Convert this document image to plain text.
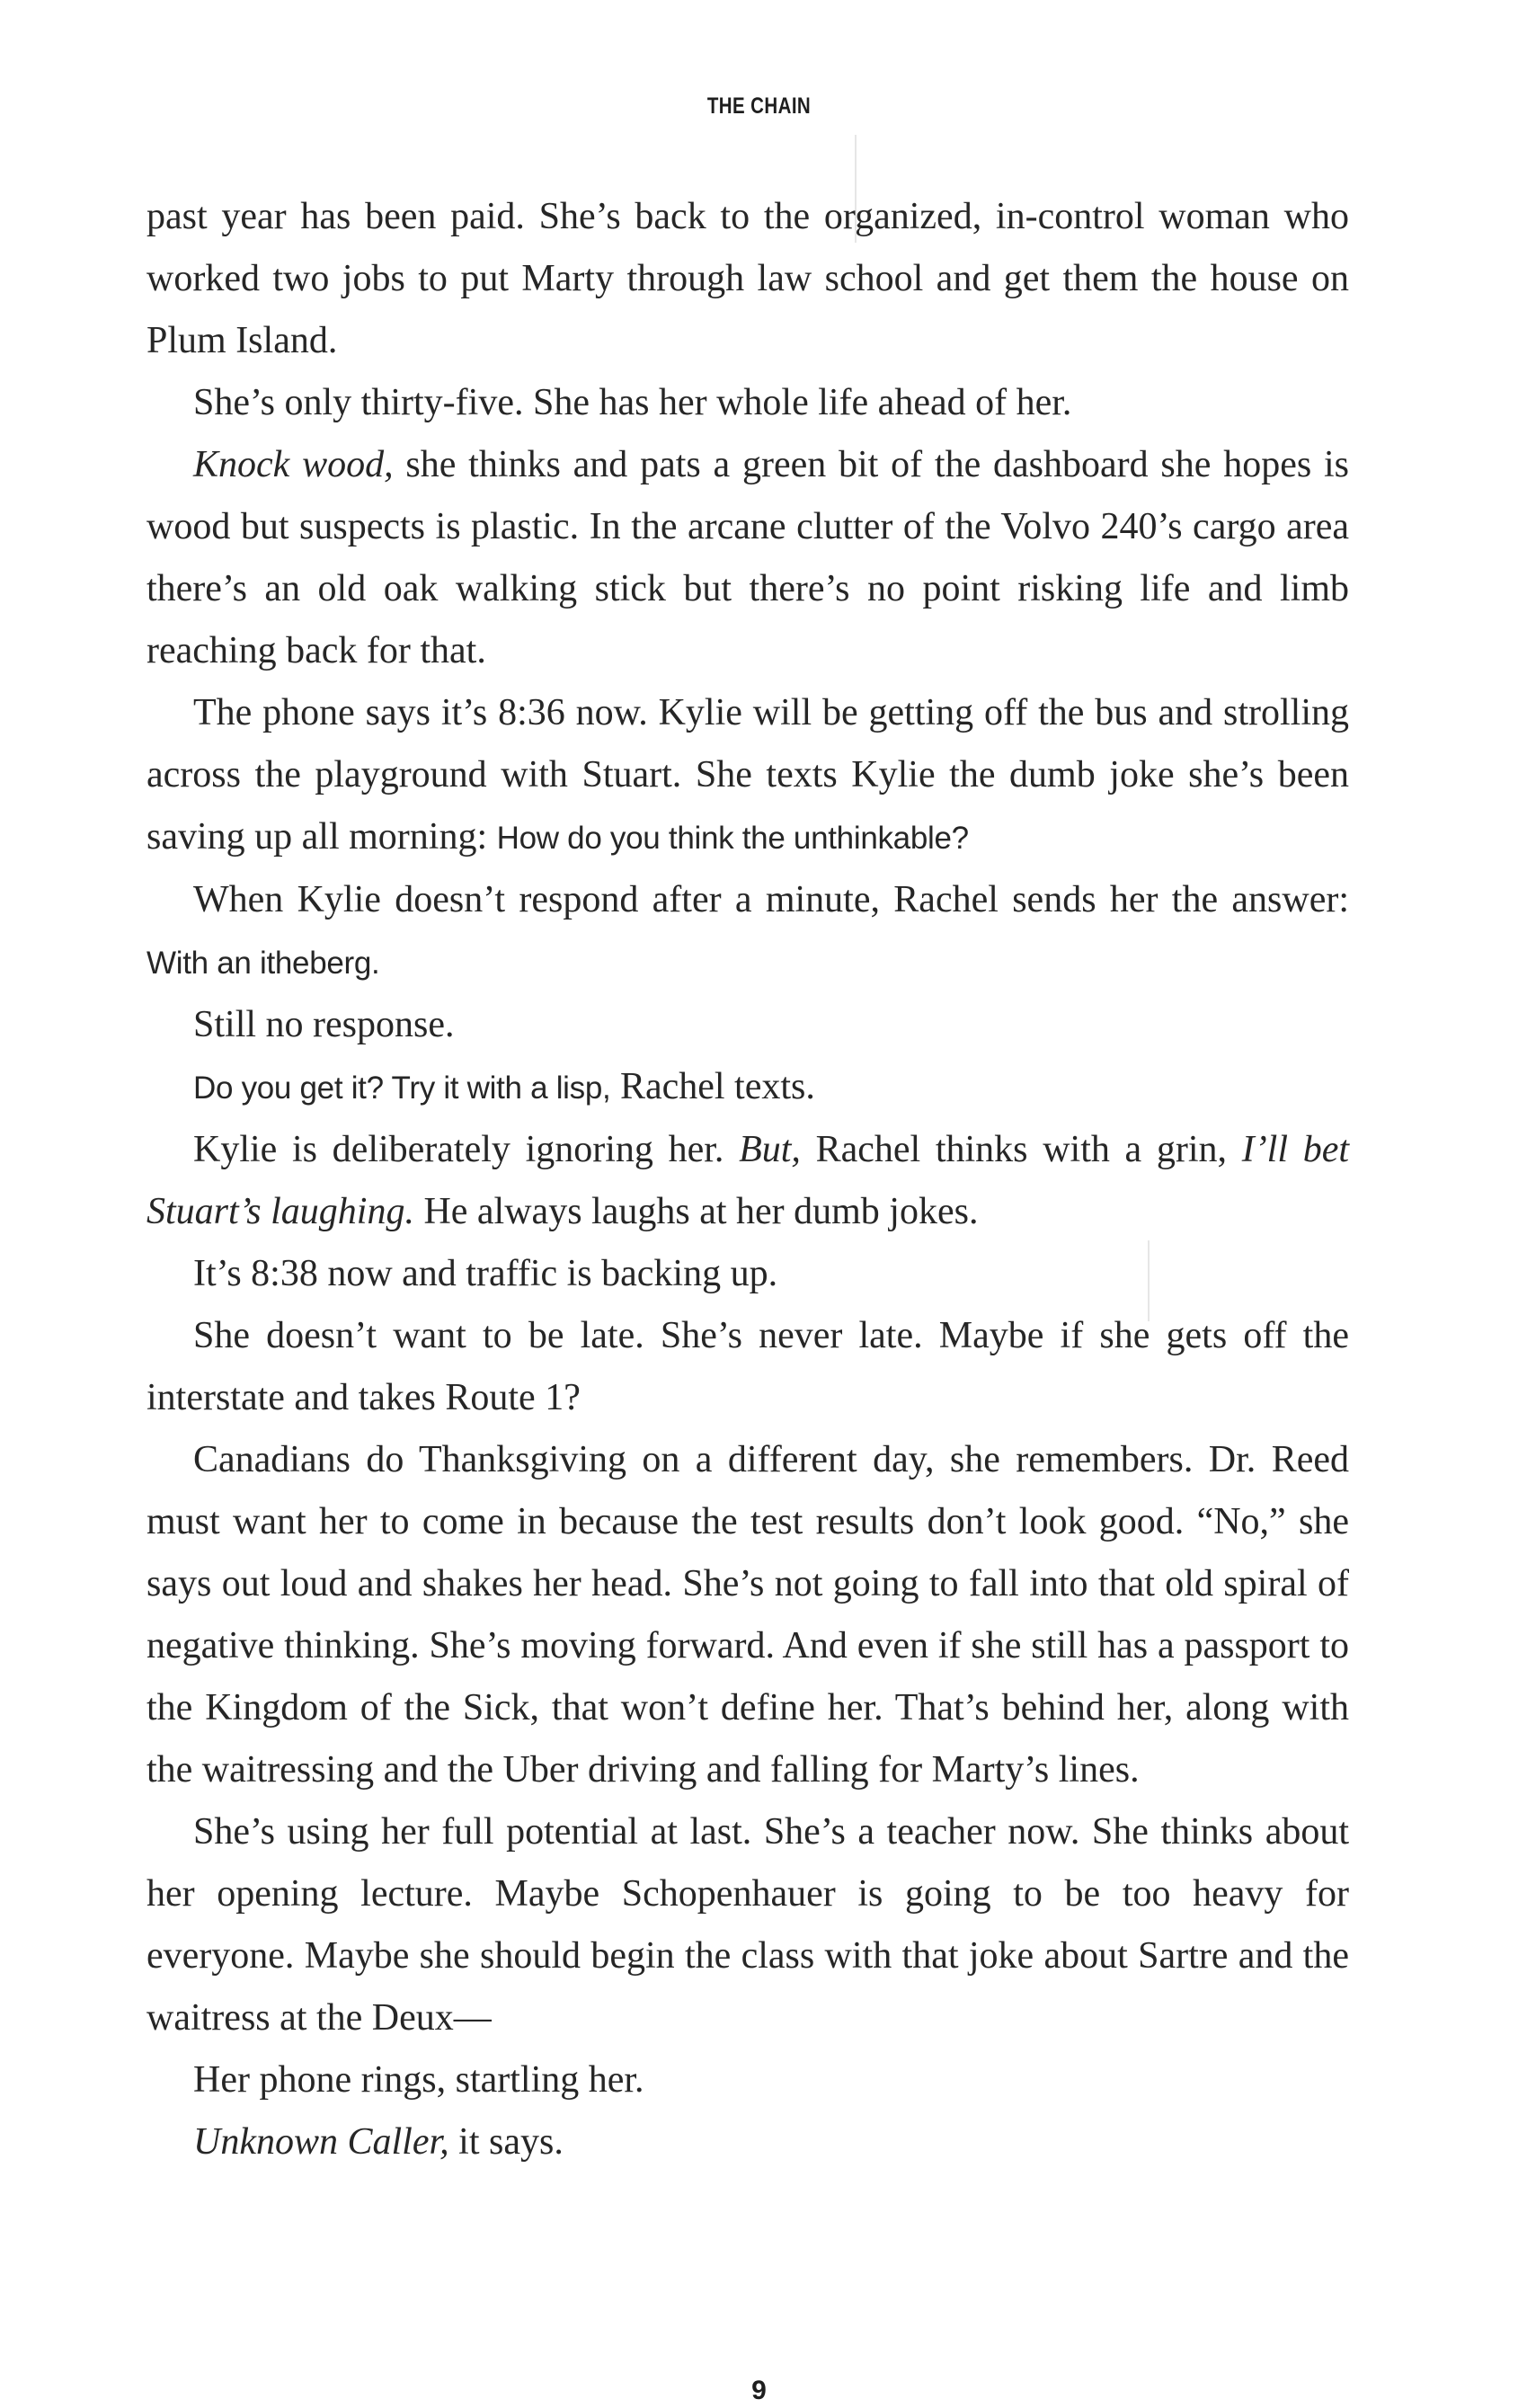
THE CHAIN

past year has been paid. She’s back to the organized, in-control woman who worked two jobs to put Marty through law school and get them the house on Plum Island.

She’s only thirty-five. She has her whole life ahead of her.

Knock wood, she thinks and pats a green bit of the dashboard she hopes is wood but suspects is plastic. In the arcane clutter of the Volvo 240’s cargo area there’s an old oak walking stick but there’s no point risking life and limb reaching back for that.

The phone says it’s 8:36 now. Kylie will be getting off the bus and strolling across the playground with Stuart. She texts Kylie the dumb joke she’s been saving up all morning: How do you think the unthinkable?

When Kylie doesn’t respond after a minute, Rachel sends her the answer: With an itheberg.

Still no response.

Do you get it? Try it with a lisp, Rachel texts.

Kylie is deliberately ignoring her. But, Rachel thinks with a grin, I’ll bet Stuart’s laughing. He always laughs at her dumb jokes.

It’s 8:38 now and traffic is backing up.

She doesn’t want to be late. She’s never late. Maybe if she gets off the interstate and takes Route 1?

Canadians do Thanksgiving on a different day, she remembers. Dr. Reed must want her to come in because the test results don’t look good. “No,” she says out loud and shakes her head. She’s not going to fall into that old spiral of negative thinking. She’s moving forward. And even if she still has a passport to the Kingdom of the Sick, that won’t define her. That’s behind her, along with the waitressing and the Uber driving and falling for Marty’s lines.

She’s using her full potential at last. She’s a teacher now. She thinks about her opening lecture. Maybe Schopenhauer is going to be too heavy for everyone. Maybe she should begin the class with that joke about Sartre and the waitress at the Deux—

Her phone rings, startling her.

Unknown Caller, it says.

9
